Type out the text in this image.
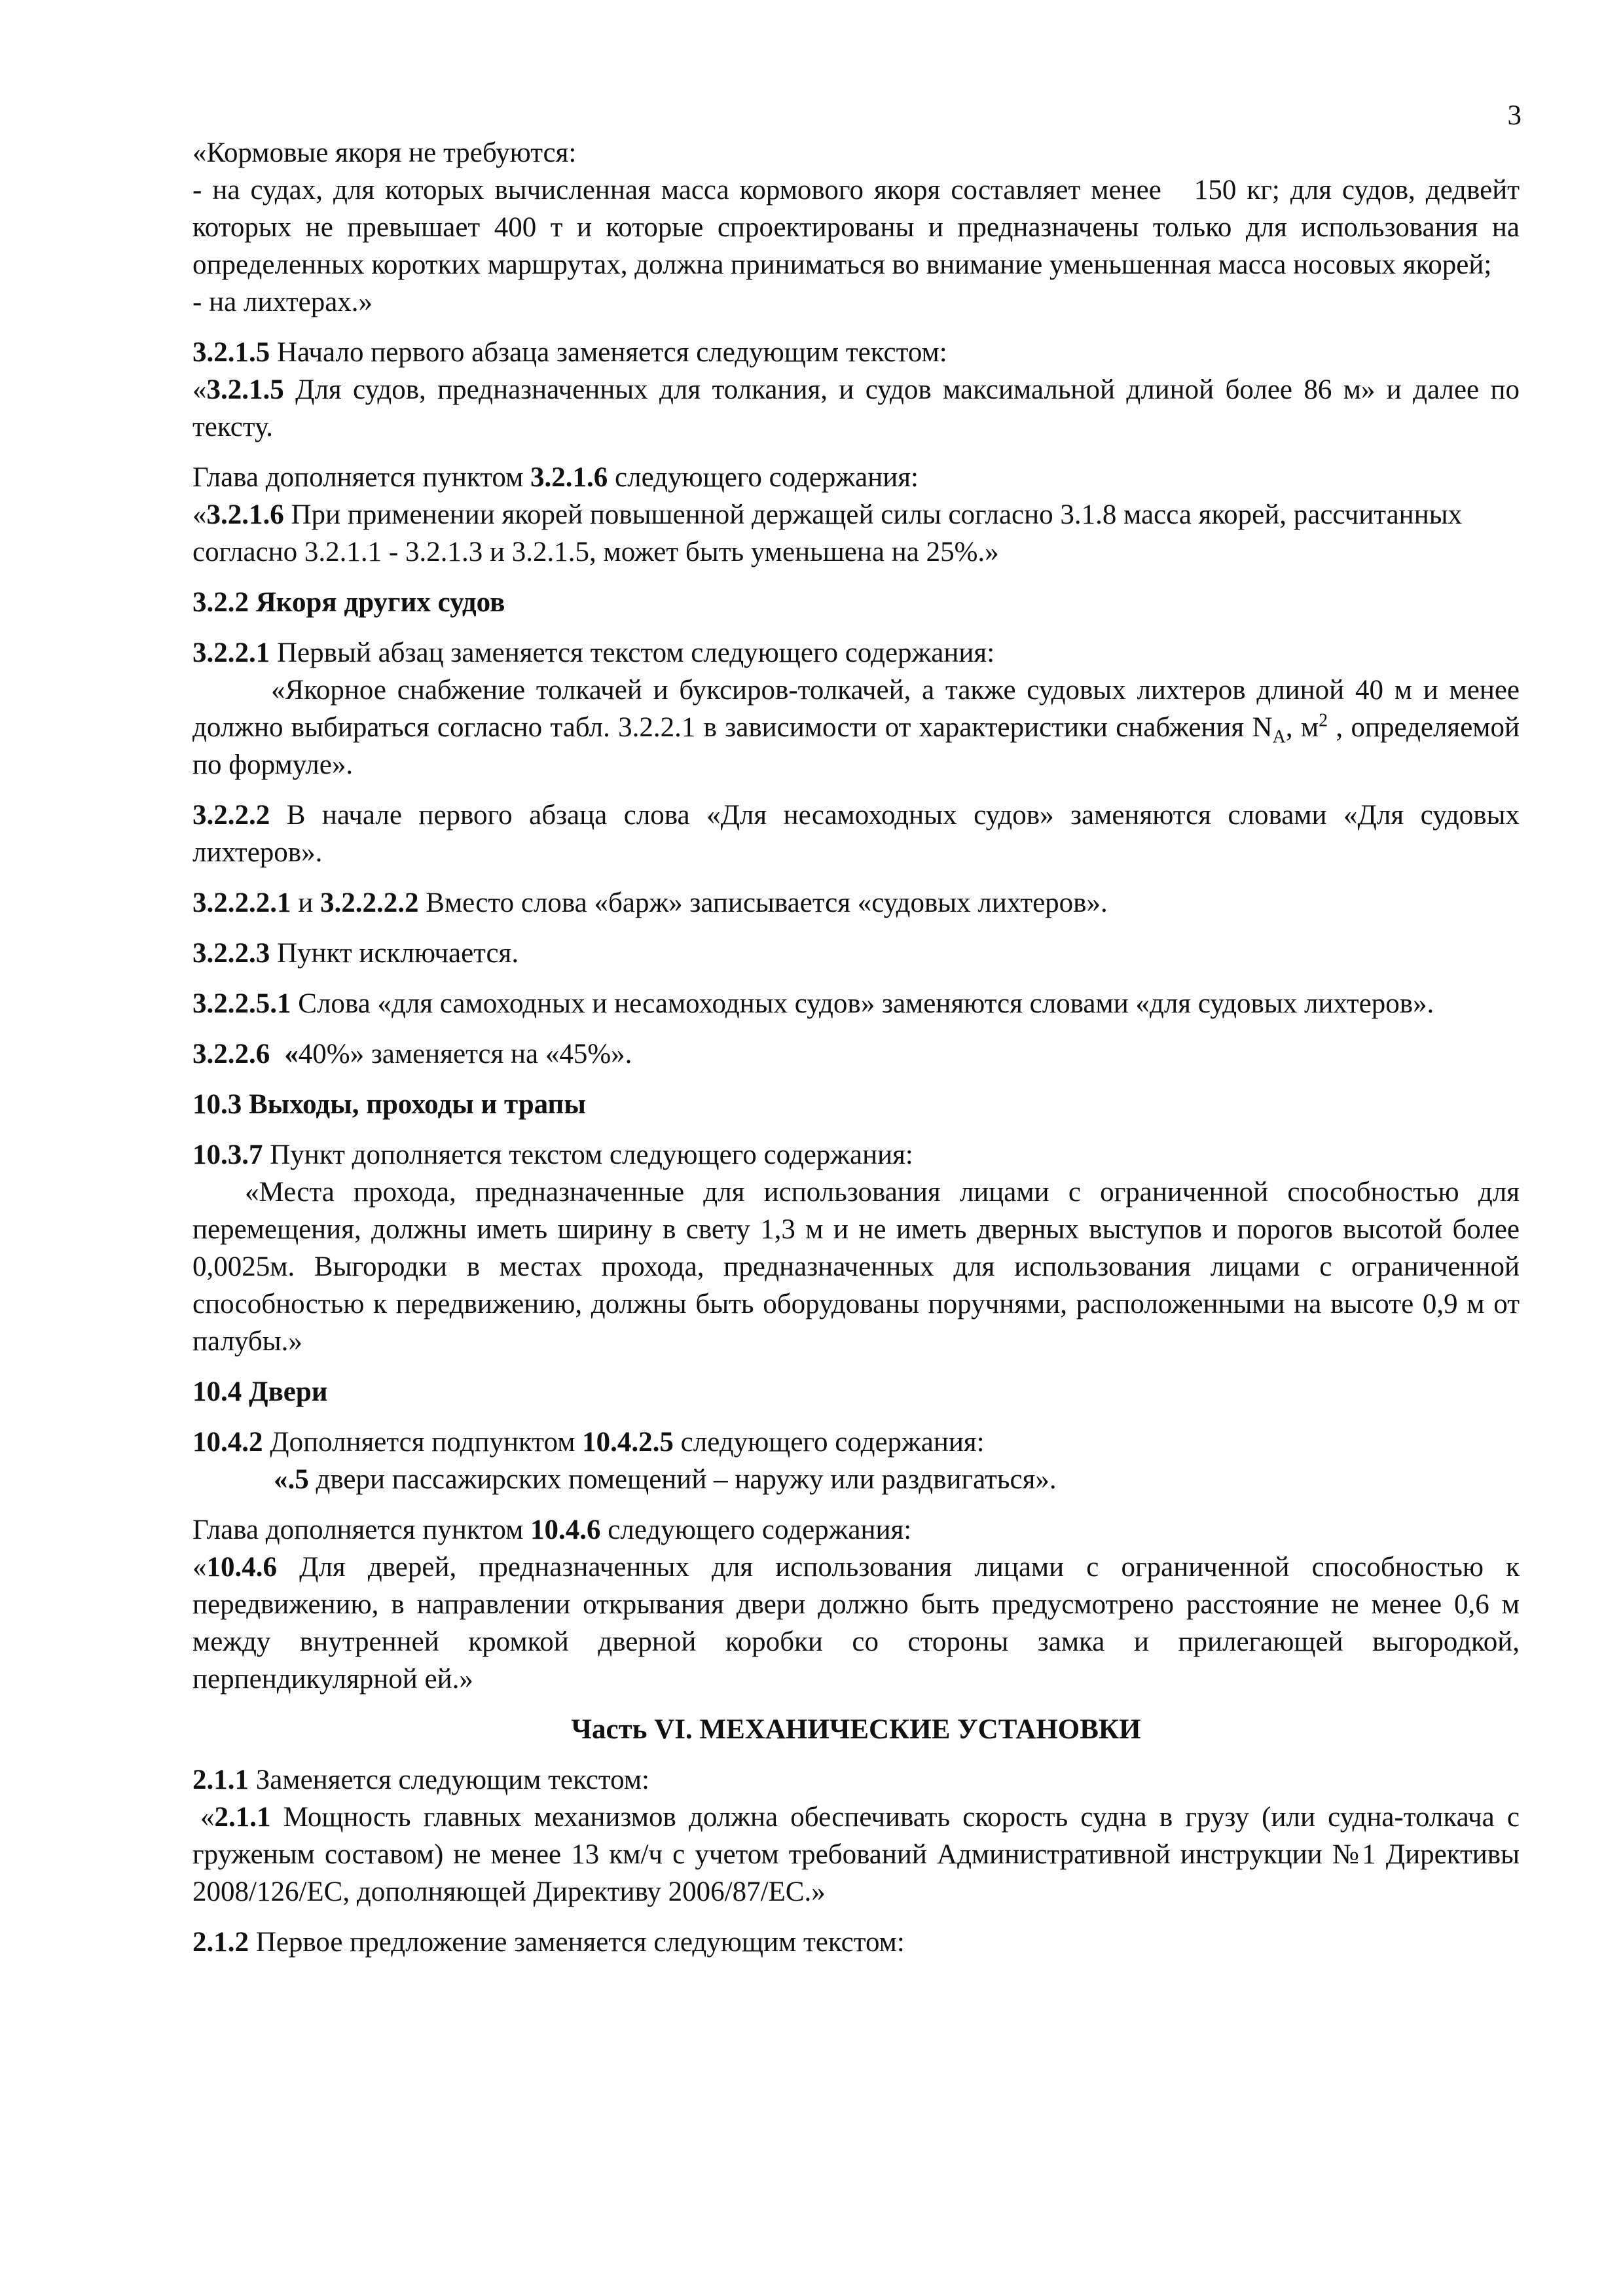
3

«Кормовые якоря не требуются:

- на судах, для которых вычисленная масса кормового якоря составляет менее 150 кг; для судов, дедвейт которых не превышает 400 т и которые спроектированы и предназначены только для использования на определенных коротких маршрутах, должна приниматься во внимание уменьшенная масса носовых якорей;

- на лихтерах.»

3.2.1.5 Начало первого абзаца заменяется следующим текстом:

«3.2.1.5 Для судов, предназначенных для толкания, и судов максимальной длиной более 86 м» и далее по тексту.

Глава дополняется пунктом 3.2.1.6 следующего содержания:

«3.2.1.6 При применении якорей повышенной держащей силы согласно 3.1.8 масса якорей, рассчитанных согласно 3.2.1.1 - 3.2.1.3 и 3.2.1.5, может быть уменьшена на 25%.»

3.2.2 Якоря других судов

3.2.2.1 Первый абзац заменяется текстом следующего содержания:

«Якорное снабжение толкачей и буксиров-толкачей, а также судовых лихтеров длиной 40 м и менее должно выбираться согласно табл. 3.2.2.1 в зависимости от характеристики снабжения $N_A$, $м^2$ , определяемой по формуле».

3.2.2.2 В начале первого абзаца слова «Для несамоходных судов» заменяются словами «Для судовых лихтеров».

3.2.2.2.1 и 3.2.2.2.2 Вместо слова «барж» записывается «судовых лихтеров».

3.2.2.3 Пункт исключается.

3.2.2.5.1 Слова «для самоходных и несамоходных судов» заменяются словами «для судовых лихтеров».

3.2.2.6 «40%» заменяется на «45%».

10.3 Выходы, проходы и трапы

10.3.7 Пункт дополняется текстом следующего содержания:

«Места прохода, предназначенные для использования лицами с ограниченной способностью для перемещения, должны иметь ширину в свету 1,3 м и не иметь дверных выступов и порогов высотой более 0,0025м. Выгородки в местах прохода, предназначенных для использования лицами с ограниченной способностью к передвижению, должны быть оборудованы поручнями, расположенными на высоте 0,9 м от палубы.»

10.4 Двери

10.4.2 Дополняется подпунктом 10.4.2.5 следующего содержания:

«.5 двери пассажирских помещений – наружу или раздвигаться».

Глава дополняется пунктом 10.4.6 следующего содержания:

«10.4.6 Для дверей, предназначенных для использования лицами с ограниченной способностью к передвижению, в направлении открывания двери должно быть предусмотрено расстояние не менее 0,6 м между внутренней кромкой дверной коробки со стороны замка и прилегающей выгородкой, перпендикулярной ей.»

Часть VI. МЕХАНИЧЕСКИЕ УСТАНОВКИ

2.1.1 Заменяется следующим текстом:

«2.1.1 Мощность главных механизмов должна обеспечивать скорость судна в грузу (или судна-толкача с груженым составом) не менее 13 км/ч с учетом требований Административной инструкции №1 Директивы 2008/126/ЕС, дополняющей Директиву 2006/87/ЕС.»

2.1.2 Первое предложение заменяется следующим текстом:
